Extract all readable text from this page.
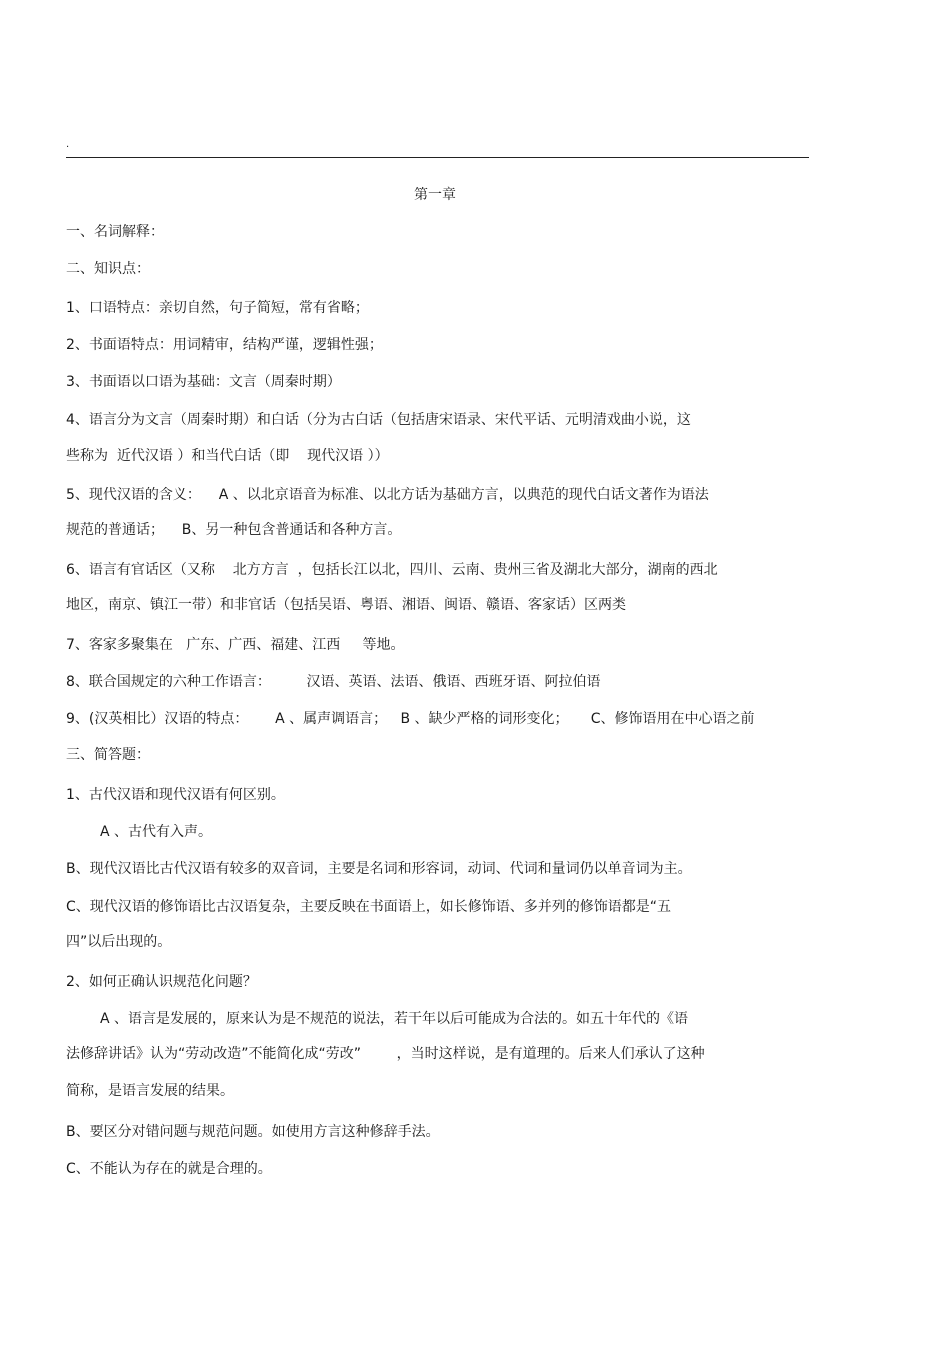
.
第一章
一、名词解释：
二、知识点：
1、口语特点：亲切自然，句子简短，常有省略；
2、书面语特点：用词精审，结构严谨，逻辑性强；
3、书面语以口语为基础：文言（周秦时期）
4、语言分为文言（周秦时期）和白话（分为古白话（包括唐宋语录、宋代平话、元明清戏曲小说，这
些称为  近代汉语 ）和当代白话（即    现代汉语 ））
5、现代汉语的含义：    A 、以北京语音为标准、以北方话为基础方言，以典范的现代白话文著作为语法
规范的普通话；    B、另一种包含普通话和各种方言。
6、语言有官话区（又称    北方方言  ，包括长江以北，四川、云南、贵州三省及湖北大部分，湖南的西北
地区，南京、镇江一带）和非官话（包括吴语、粤语、湘语、闽语、赣语、客家话）区两类
7、客家多聚集在   广东、广西、福建、江西     等地。
8、联合国规定的六种工作语言：        汉语、英语、法语、俄语、西班牙语、阿拉伯语
9、(汉英相比）汉语的特点：      A 、属声调语言；   B 、缺少严格的词形变化；     C、修饰语用在中心语之前
三、简答题：
1、古代汉语和现代汉语有何区别。
A 、古代有入声。
B、现代汉语比古代汉语有较多的双音词，主要是名词和形容词，动词、代词和量词仍以单音词为主。
C、现代汉语的修饰语比古汉语复杂，主要反映在书面语上，如长修饰语、多并列的修饰语都是“五
四”以后出现的。
2、如何正确认识规范化问题？
A 、语言是发展的，原来认为是不规范的说法，若干年以后可能成为合法的。如五十年代的《语
法修辞讲话》认为“劳动改造”不能简化成“劳改”        ，当时这样说，是有道理的。后来人们承认了这种
简称，是语言发展的结果。
B、要区分对错问题与规范问题。如使用方言这种修辞手法。
C、不能认为存在的就是合理的。
